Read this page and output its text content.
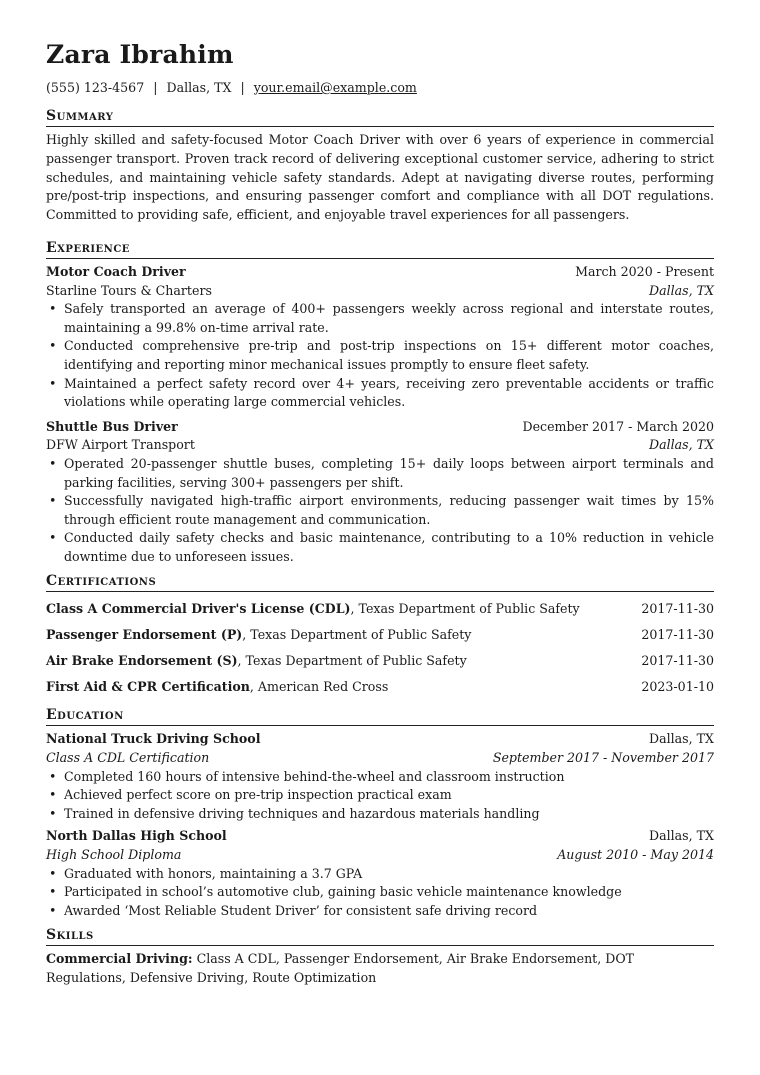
Zara Ibrahim
(555) 123-4567 | Dallas, TX | your.email@example.com
Summary
Highly skilled and safety-focused Motor Coach Driver with over 6 years of experience in commercial passenger transport. Proven track record of delivering exceptional customer service, adhering to strict schedules, and maintaining vehicle safety standards. Adept at navigating diverse routes, performing pre/post-trip inspections, and ensuring passenger comfort and compliance with all DOT regulations. Committed to providing safe, efficient, and enjoyable travel experiences for all passengers.
Experience
Motor Coach Driver	March 2020 - Present
Starline Tours & Charters	Dallas, TX
• Safely transported an average of 400+ passengers weekly across regional and interstate routes, maintaining a 99.8% on-time arrival rate.
• Conducted comprehensive pre-trip and post-trip inspections on 15+ different motor coaches, identifying and reporting minor mechanical issues promptly to ensure fleet safety.
• Maintained a perfect safety record over 4+ years, receiving zero preventable accidents or traffic violations while operating large commercial vehicles.
Shuttle Bus Driver	December 2017 - March 2020
DFW Airport Transport	Dallas, TX
• Operated 20-passenger shuttle buses, completing 15+ daily loops between airport terminals and parking facilities, serving 300+ passengers per shift.
• Successfully navigated high-traffic airport environments, reducing passenger wait times by 15% through efficient route management and communication.
• Conducted daily safety checks and basic maintenance, contributing to a 10% reduction in vehicle downtime due to unforeseen issues.
Certifications
Class A Commercial Driver's License (CDL), Texas Department of Public Safety	2017-11-30
Passenger Endorsement (P), Texas Department of Public Safety	2017-11-30
Air Brake Endorsement (S), Texas Department of Public Safety	2017-11-30
First Aid & CPR Certification, American Red Cross	2023-01-10
Education
National Truck Driving School	Dallas, TX
Class A CDL Certification	September 2017 - November 2017
• Completed 160 hours of intensive behind-the-wheel and classroom instruction
• Achieved perfect score on pre-trip inspection practical exam
• Trained in defensive driving techniques and hazardous materials handling
North Dallas High School	Dallas, TX
High School Diploma	August 2010 - May 2014
• Graduated with honors, maintaining a 3.7 GPA
• Participated in school’s automotive club, gaining basic vehicle maintenance knowledge
• Awarded ‘Most Reliable Student Driver’ for consistent safe driving record
Skills
Commercial Driving: Class A CDL, Passenger Endorsement, Air Brake Endorsement, DOT Regulations, Defensive Driving, Route Optimization
